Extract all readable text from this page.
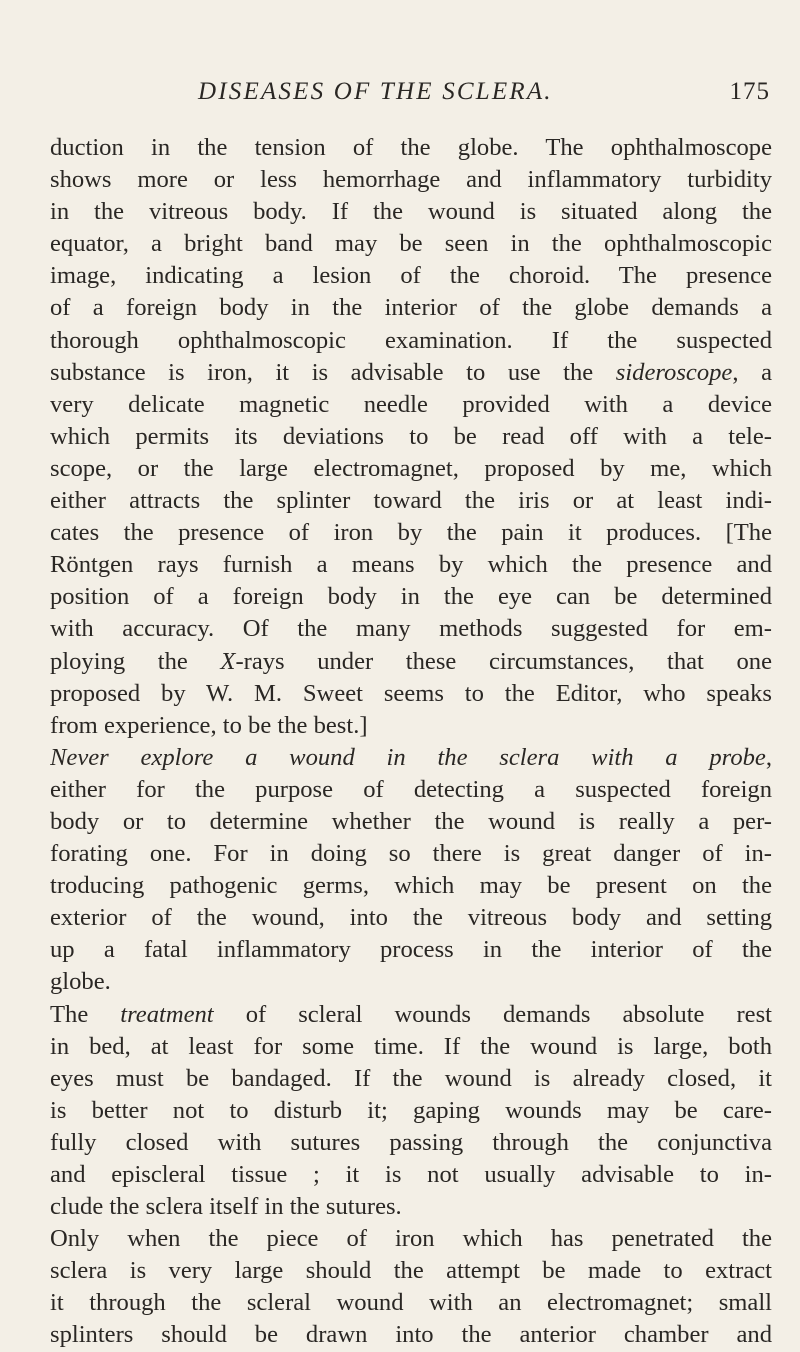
DISEASES OF THE SCLERA.	175
duction in the tension of the globe. The ophthalmoscope
shows more or less hemorrhage and inflammatory turbidity
in the vitreous body. If the wound is situated along the
equator, a bright band may be seen in the ophthalmoscopic
image, indicating a lesion of the choroid. The presence
of a foreign body in the interior of the globe demands a
thorough ophthalmoscopic examination. If the suspected
substance is iron, it is advisable to use the sideroscope, a
very delicate magnetic needle provided with a device
which permits its deviations to be read off with a tele-
scope, or the large electromagnet, proposed by me, which
either attracts the splinter toward the iris or at least indi-
cates the presence of iron by the pain it produces. [The
Röntgen rays furnish a means by which the presence and
position of a foreign body in the eye can be determined
with accuracy. Of the many methods suggested for em-
ploying the X-rays under these circumstances, that one
proposed by W. M. Sweet seems to the Editor, who speaks
from experience, to be the best.]
Never explore a wound in the sclera with a probe,
either for the purpose of detecting a suspected foreign
body or to determine whether the wound is really a per-
forating one. For in doing so there is great danger of in-
troducing pathogenic germs, which may be present on the
exterior of the wound, into the vitreous body and setting
up a fatal inflammatory process in the interior of the
globe.
The treatment of scleral wounds demands absolute rest
in bed, at least for some time. If the wound is large, both
eyes must be bandaged. If the wound is already closed, it
is better not to disturb it; gaping wounds may be care-
fully closed with sutures passing through the conjunctiva
and episcleral tissue ; it is not usually advisable to in-
clude the sclera itself in the sutures.
Only when the piece of iron which has penetrated the
sclera is very large should the attempt be made to extract
it through the scleral wound with an electromagnet; small
splinters should be drawn into the anterior chamber and
